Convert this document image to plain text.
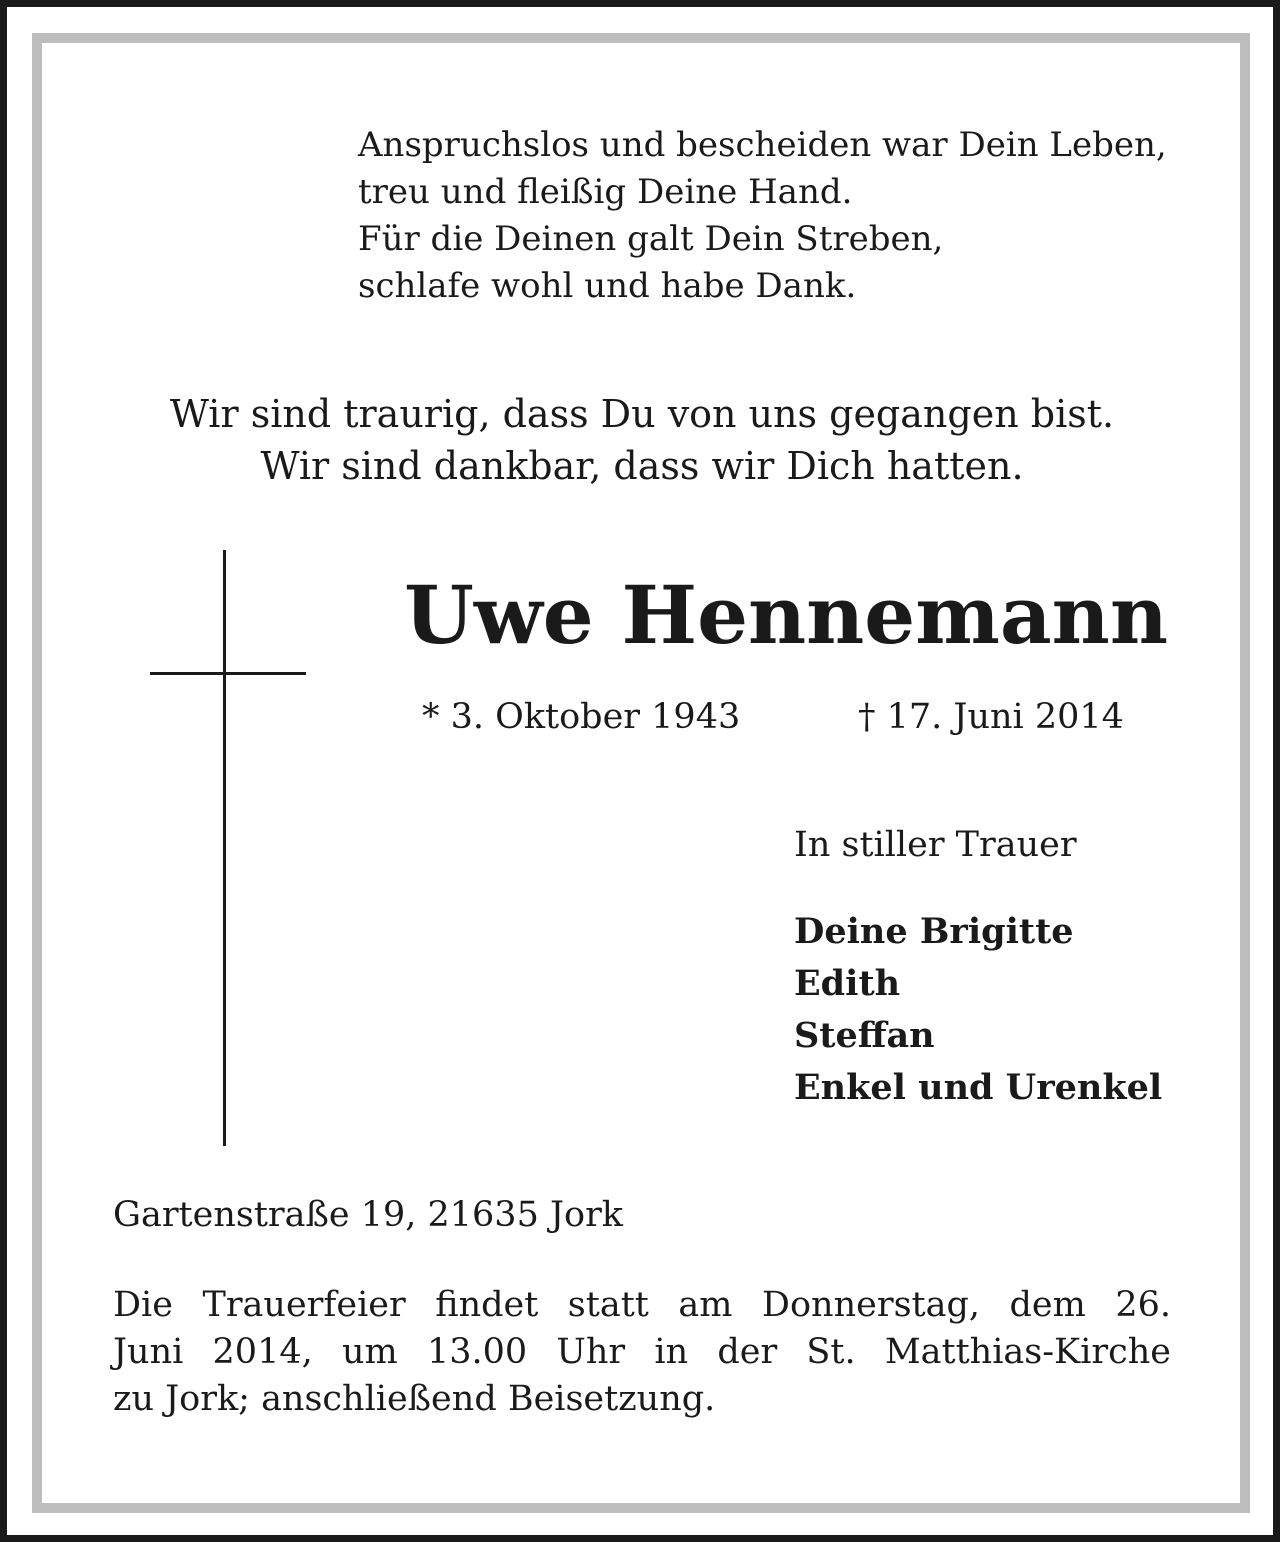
Anspruchslos und bescheiden war Dein Leben,
treu und fleißig Deine Hand.
Für die Deinen galt Dein Streben,
schlafe wohl und habe Dank.
Wir sind traurig, dass Du von uns gegangen bist.
Wir sind dankbar, dass wir Dich hatten.
Uwe Hennemann
* 3. Oktober 1943	† 17. Juni 2014
In stiller Trauer
Deine Brigitte
Edith
Steffan
Enkel und Urenkel
Gartenstraße 19, 21635 Jork
Die Trauerfeier findet statt am Donnerstag, dem 26.
Juni 2014, um 13.00 Uhr in der St. Matthias-Kirche
zu Jork; anschließend Beisetzung.
